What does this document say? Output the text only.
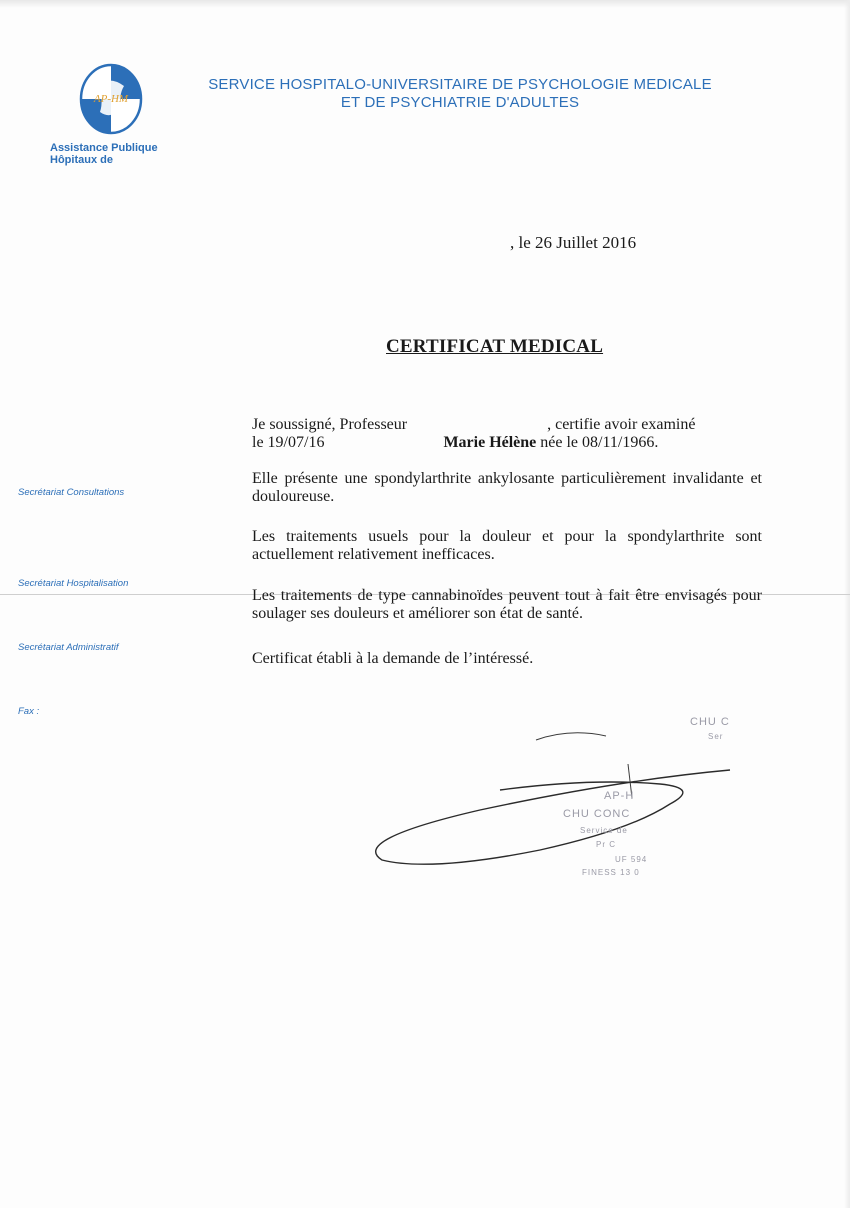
AP-HM
Assistance Publique
Hôpitaux de
SERVICE HOSPITALO-UNIVERSITAIRE DE PSYCHOLOGIE MEDICALE
ET DE PSYCHIATRIE D'ADULTES
, le 26 Juillet 2016
CERTIFICAT MEDICAL
Je soussigné, Professeur	, certifie avoir examiné
le 19/07/16	Marie Hélène née le 08/11/1966.
Elle présente une spondylarthrite ankylosante particulièrement invalidante et douloureuse.
Les traitements usuels pour la douleur et pour la spondylarthrite sont actuellement relativement inefficaces.
Les traitements de type cannabinoïdes peuvent tout à fait être envisagés pour soulager ses douleurs et améliorer son état de santé.
Certificat établi à la demande de l’intéressé.
Secrétariat Consultations
Secrétariat Hospitalisation
Secrétariat Administratif
Fax :
CHU C
Ser
AP-H
CHU CONC
Service de
Pr C
UF 594
FINESS 13 0
